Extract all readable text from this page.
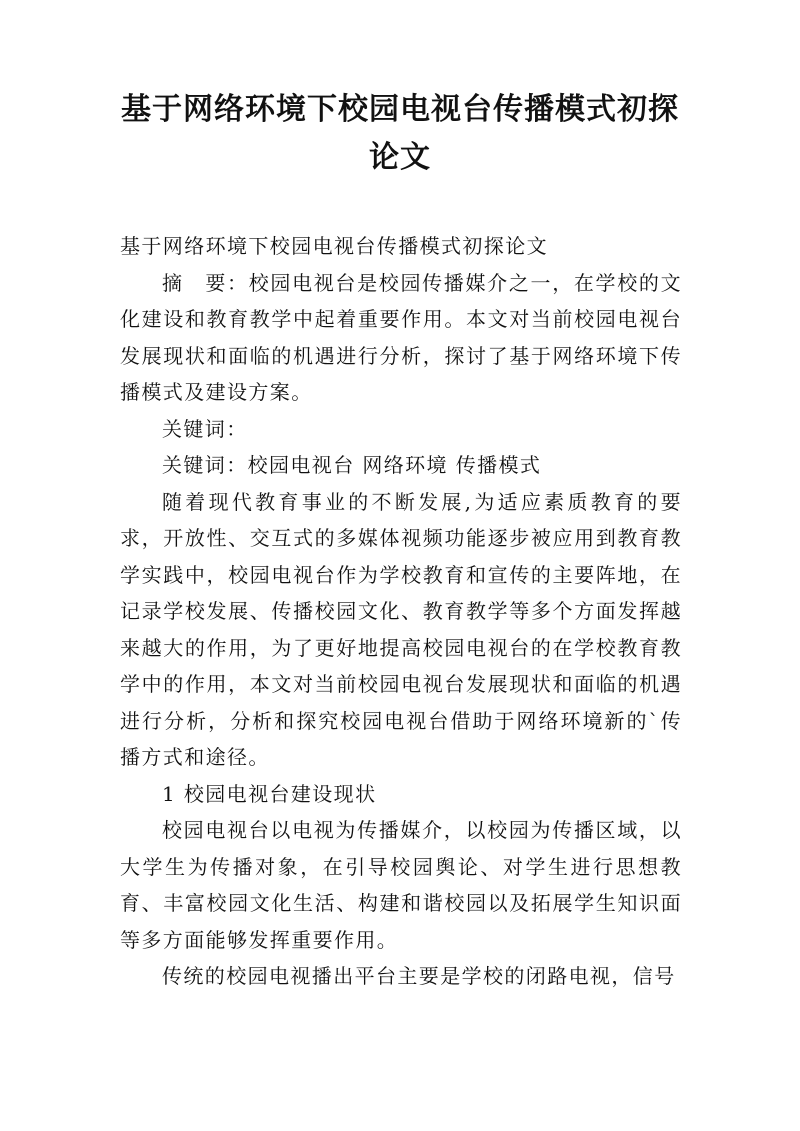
基于网络环境下校园电视台传播模式初探论文

基于网络环境下校园电视台传播模式初探论文

摘　要：校园电视台是校园传播媒介之一，在学校的文化建设和教育教学中起着重要作用。本文对当前校园电视台发展现状和面临的机遇进行分析，探讨了基于网络环境下传播模式及建设方案。

关键词：

关键词：校园电视台 网络环境 传播模式

随着现代教育事业的不断发展,为适应素质教育的要求，开放性、交互式的多媒体视频功能逐步被应用到教育教学实践中，校园电视台作为学校教育和宣传的主要阵地，在记录学校发展、传播校园文化、教育教学等多个方面发挥越来越大的作用，为了更好地提高校园电视台的在学校教育教学中的作用，本文对当前校园电视台发展现状和面临的机遇进行分析，分析和探究校园电视台借助于网络环境新的`传播方式和途径。

1 校园电视台建设现状

校园电视台以电视为传播媒介，以校园为传播区域，以大学生为传播对象，在引导校园舆论、对学生进行思想教育、丰富校园文化生活、构建和谐校园以及拓展学生知识面等多方面能够发挥重要作用。

传统的校园电视播出平台主要是学校的闭路电视，信号
